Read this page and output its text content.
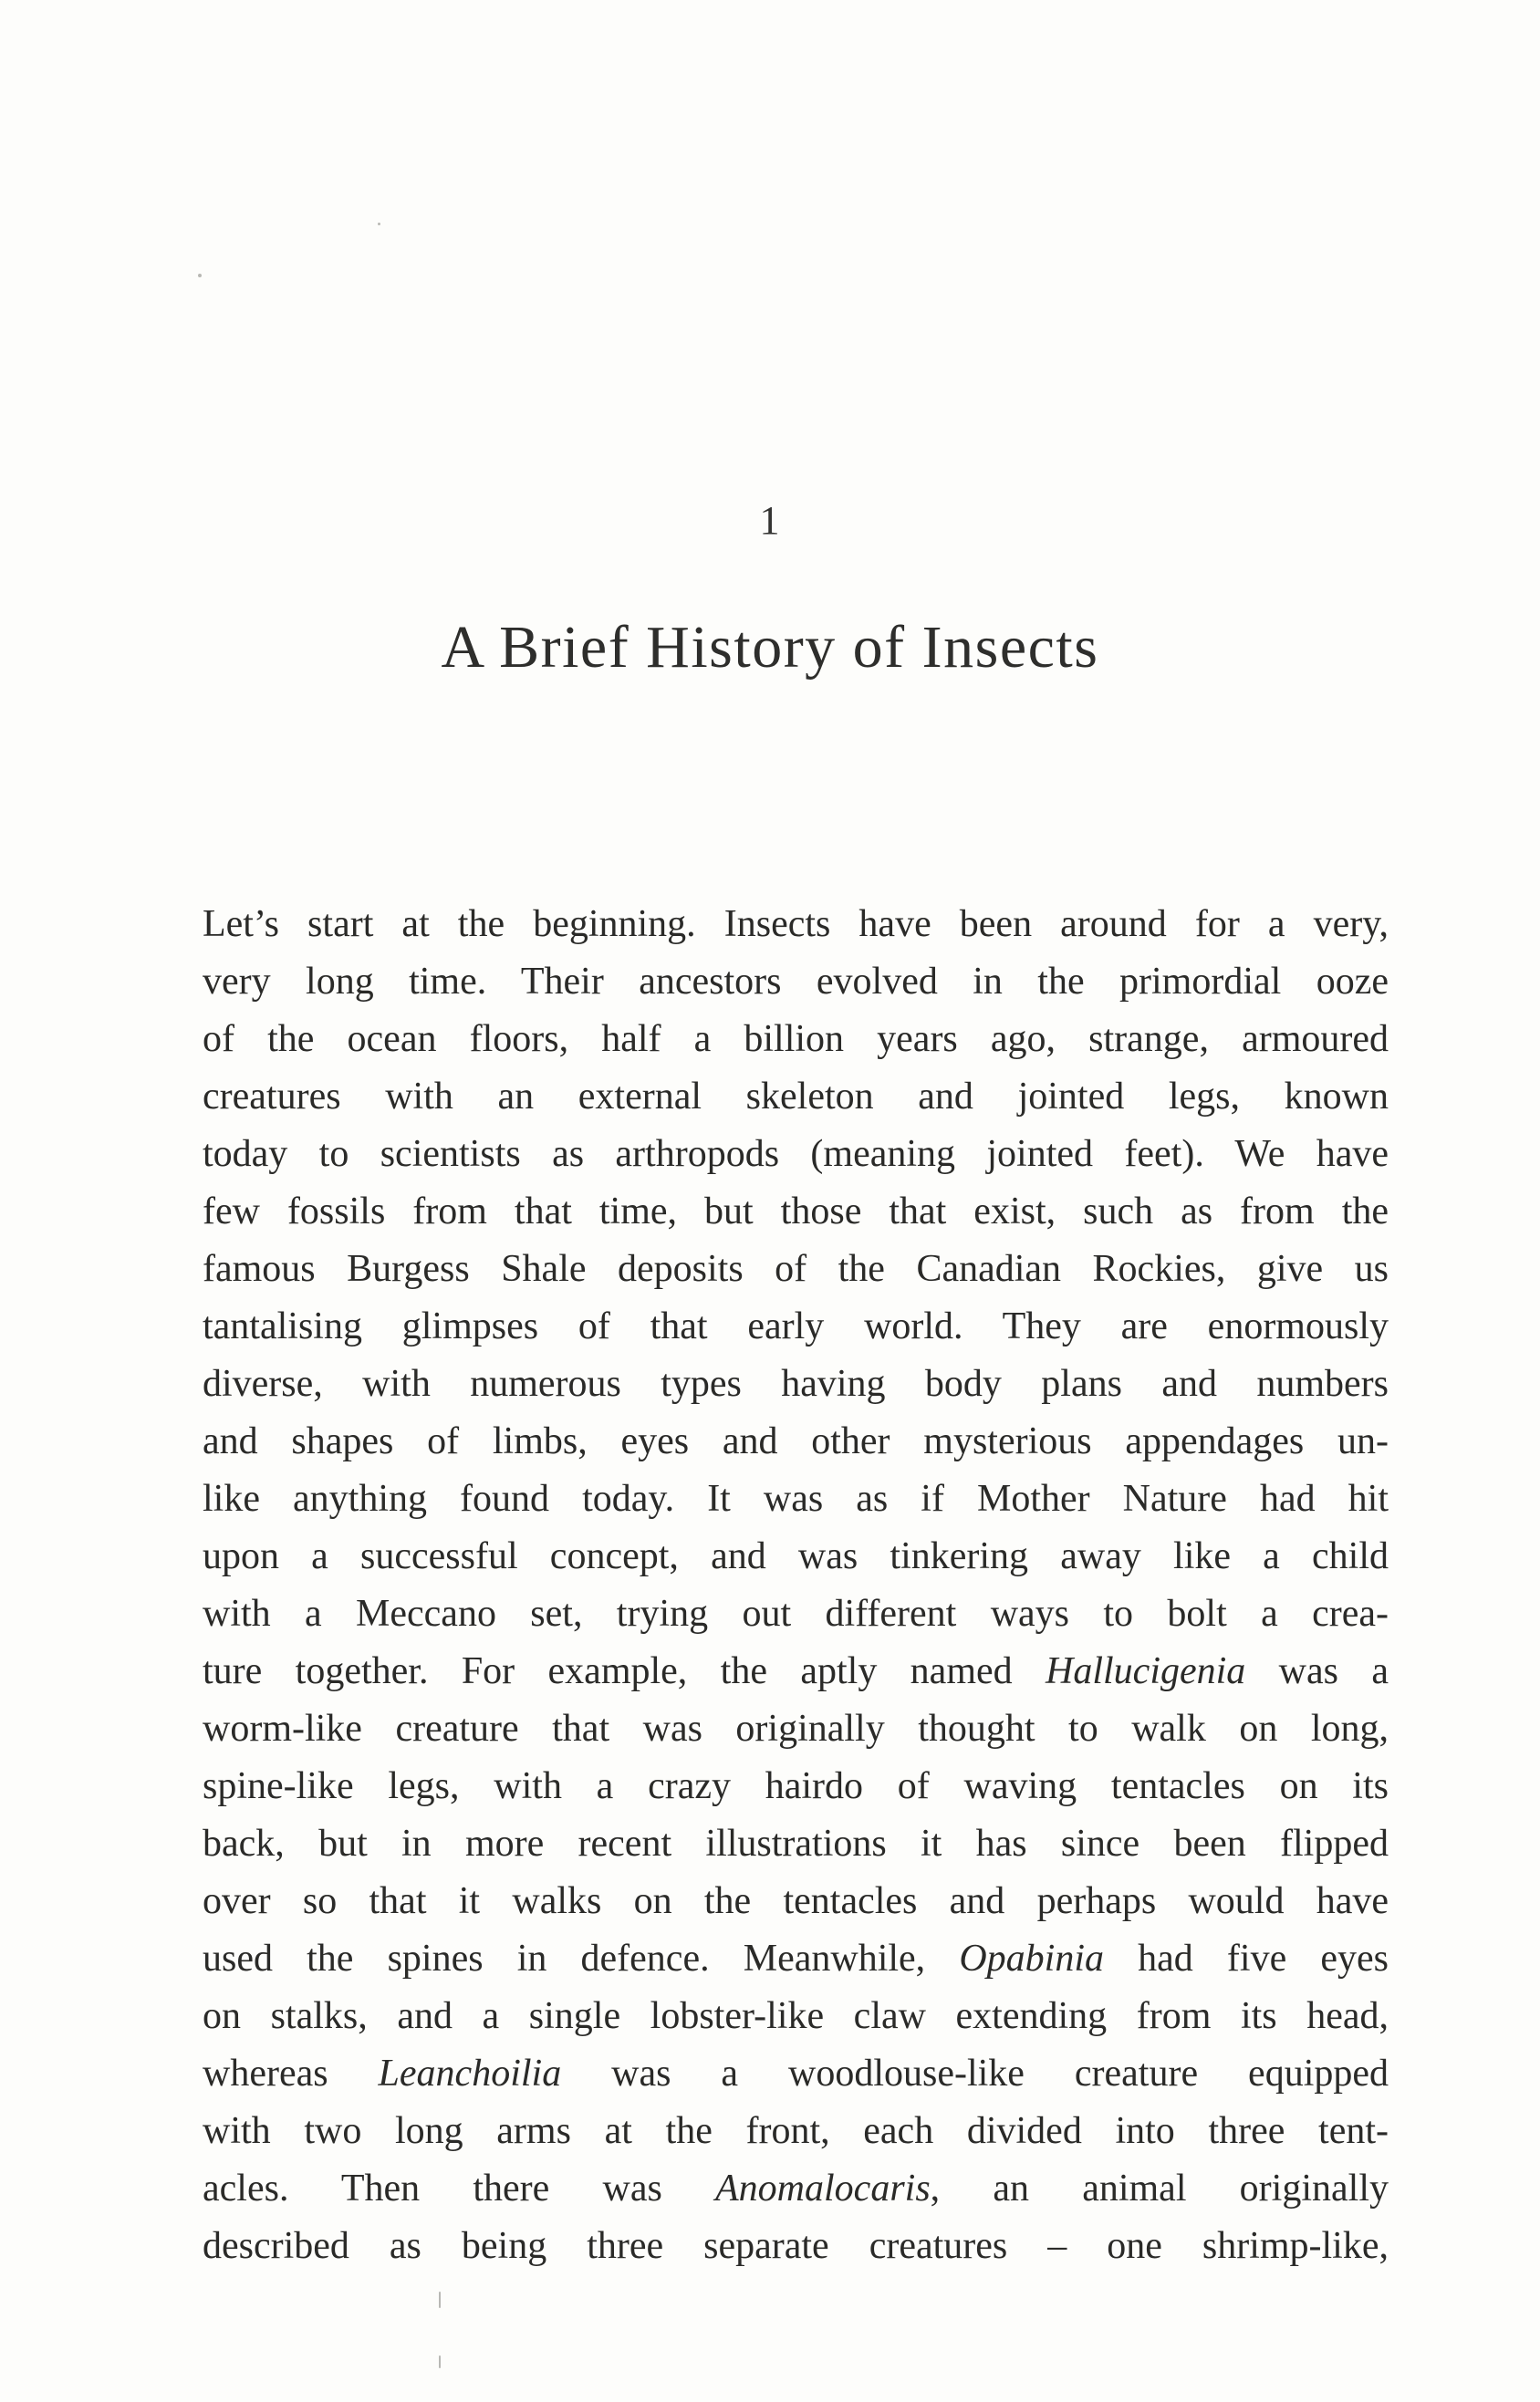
1
A Brief History of Insects
Let’s start at the beginning. Insects have been around for a very,
very long time. Their ancestors evolved in the primordial ooze
of the ocean floors, half a billion years ago, strange, armoured
creatures with an external skeleton and jointed legs, known
today to scientists as arthropods (meaning jointed feet). We have
few fossils from that time, but those that exist, such as from the
famous Burgess Shale deposits of the Canadian Rockies, give us
tantalising glimpses of that early world. They are enormously
diverse, with numerous types having body plans and numbers
and shapes of limbs, eyes and other mysterious appendages un-
like anything found today. It was as if Mother Nature had hit
upon a successful concept, and was tinkering away like a child
with a Meccano set, trying out different ways to bolt a crea-
ture together. For example, the aptly named Hallucigenia was a
worm-like creature that was originally thought to walk on long,
spine-like legs, with a crazy hairdo of waving tentacles on its
back, but in more recent illustrations it has since been flipped
over so that it walks on the tentacles and perhaps would have
used the spines in defence. Meanwhile, Opabinia had five eyes
on stalks, and a single lobster-like claw extending from its head,
whereas Leanchoilia was a woodlouse-like creature equipped
with two long arms at the front, each divided into three tent-
acles. Then there was Anomalocaris, an animal originally
described as being three separate creatures – one shrimp-like,
